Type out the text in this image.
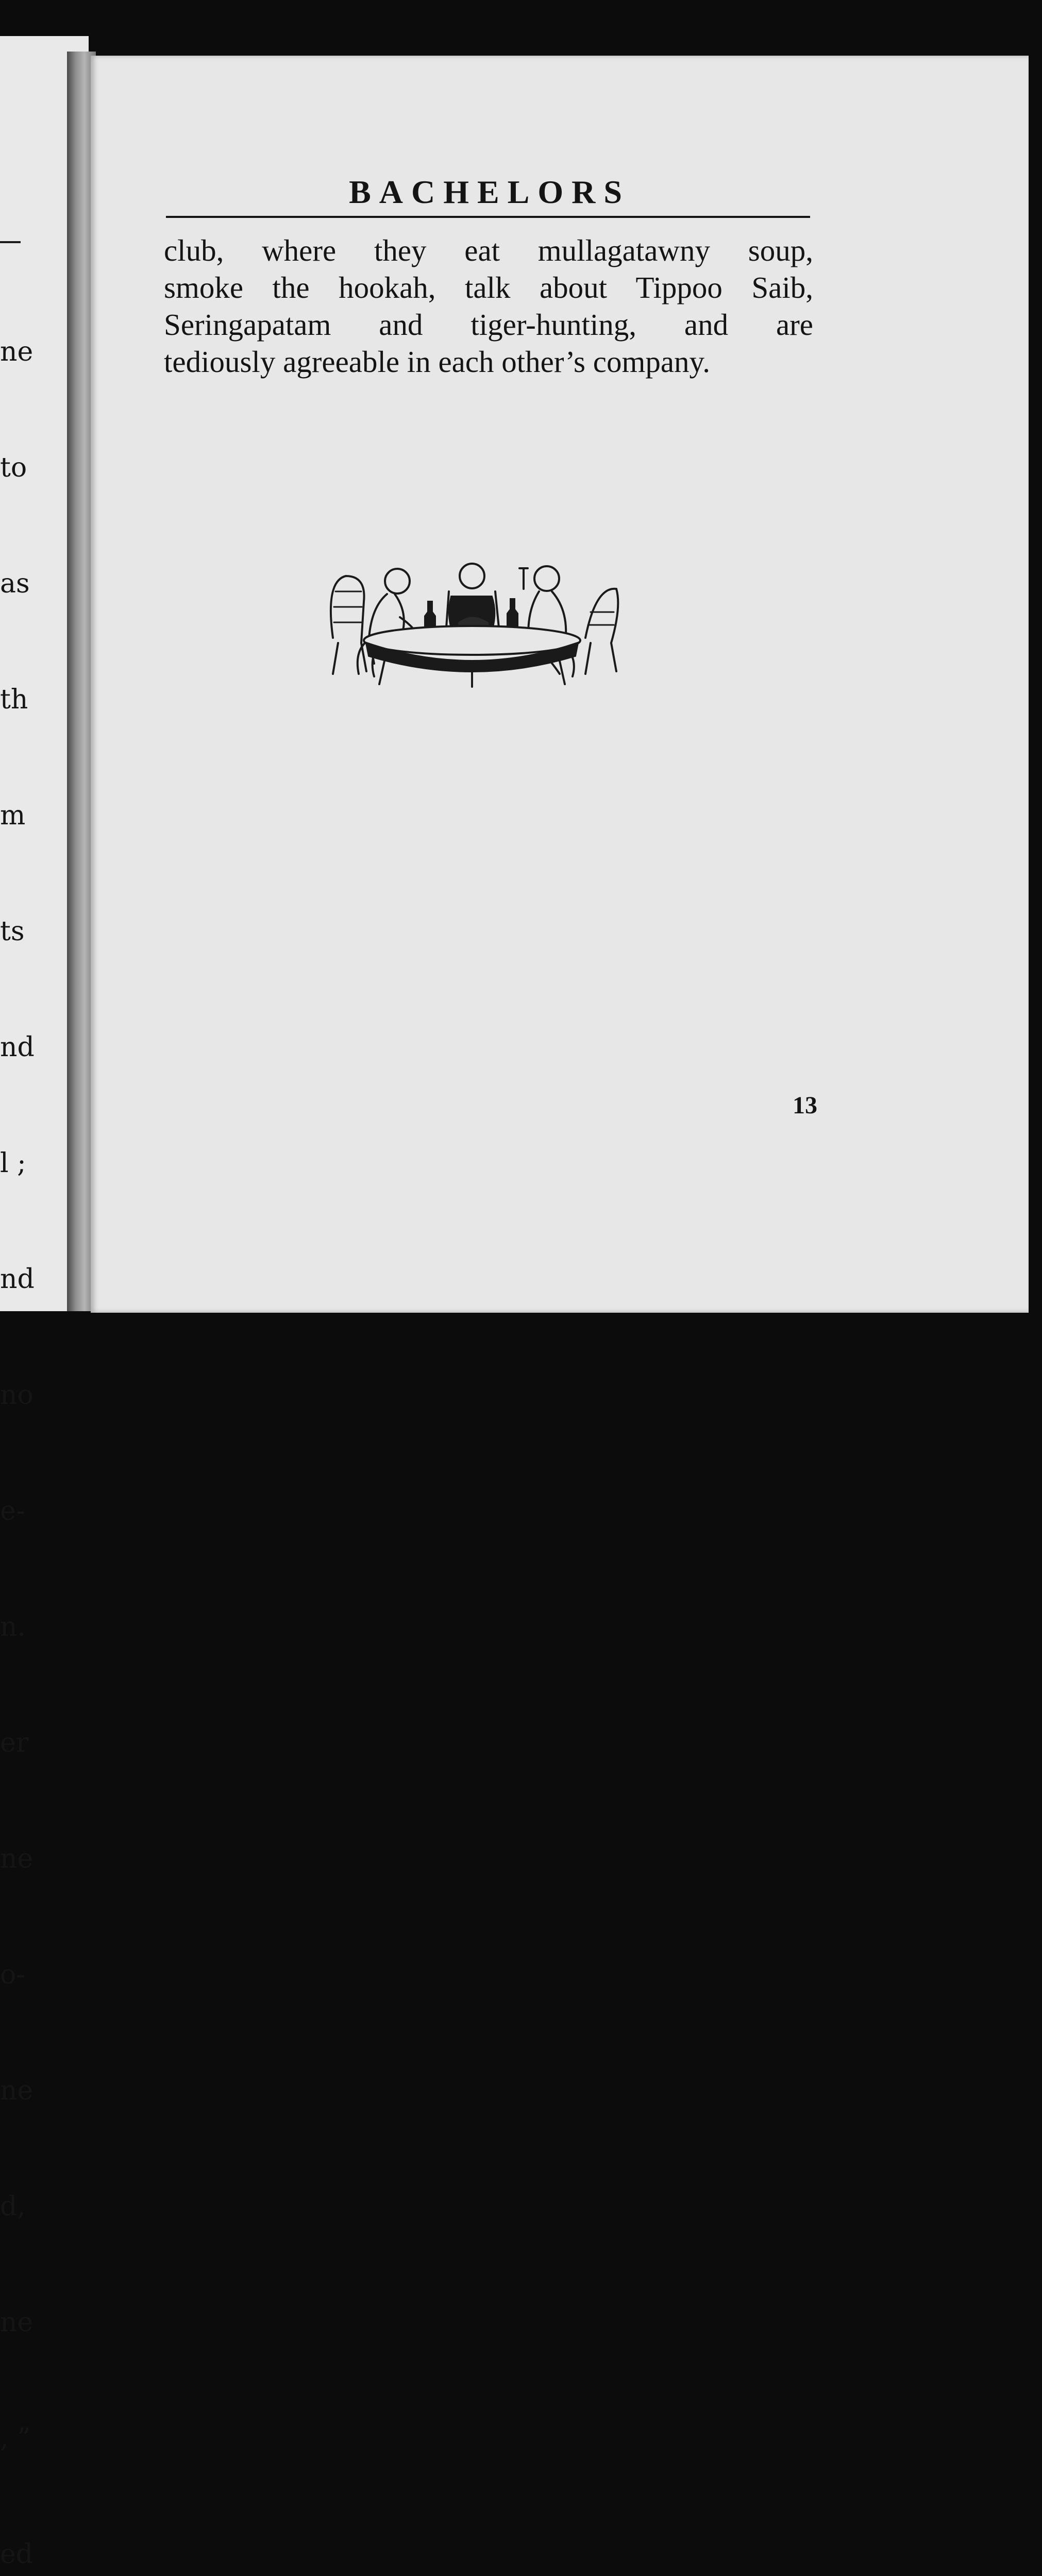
ne

to

as

th

m

ts

nd

l ;

nd

no

e-

n.

er

ne

o-

ne

d,

ne

, ”

ed

BACHELORS
club, where they eat mullagatawny soup,
smoke the hookah, talk about Tippoo Saib,
Seringapatam and tiger-hunting, and are
tediously agreeable in each other’s company.
13
